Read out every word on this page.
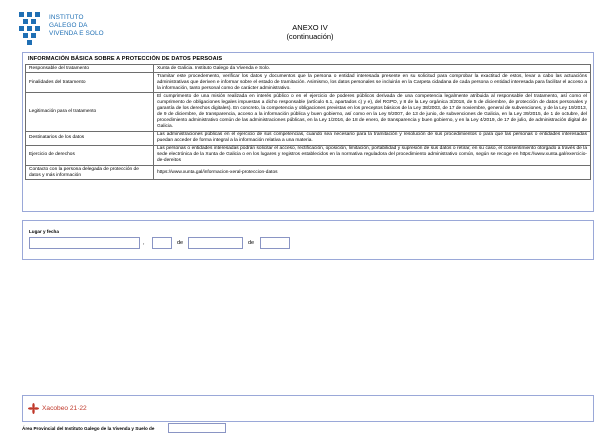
INSTITUTO
GALEGO DA
VIVENDA E SOLO
ANEXO IV
(continuación)
INFORMACIÓN BÁSICA SOBRE A PROTECCIÓN DE DATOS PERSOAIS
Responsable del tratamento	Xunta de Galicia. Instituto Galego da Vivenda e Solo.
Finalidades del tratamento	Tramitar este procedemento, verificar los datos y documentos que la persona o entidad interesada presente en su solicitud para comprobar la exactitud de estos, levar a cabo las actuacións administrativas que deriven e informar sobre el estado de tramitación. Asimismo, los datos personales se incluirán en la Carpeta cidadana de cada persona o entidad interesada para facilitar el acceso a la información, tanto personal como de carácter administrativo.
Legitimación para el tratamento	El cumprimento de una misión realizada en interés público o en el ejercicio de poderes públicos derivada de una competencia legalmente atribuida al responsable del tratamento, así como el cumprimento de obligaciones legales impuestas a dicho responsable (artículo 6.1, apartados c) y e), del RGPD, y 8 de la Ley orgánica 3/2018, de 5 de diciembre, de protección de datos personales y garantía de los derechos digitales). En concreto, la competencia y obligaciones previstas en los preceptos básicos de la Ley 38/2003, de 17 de noviembre, general de subvenciones, y de la Ley 19/2013, de 9 de diciembre, de transparencia, acceso a la información pública y buen gobierno, así como en la Ley 9/2007, de 13 de junio, de subvenciones de Galicia, en la Ley 39/2015, de 1 de octubre, del procedimiento administrativo común de las administraciones públicas, en la Ley 1/2016, de 18 de enero, de transparencia y buen gobierno, y en la Ley 4/2019, de 17 de julio, de administración digital de Galicia.
Destinatarios de los datos	Las administraciones públicas en el ejercicio de sus competencias, cuando sea necesario para la tramitación y resolución de sus procedimientos o para que las personas o entidades interesadas puedan acceder de forma integral a la información relativa a una materia.
Ejercicio de derechos	Las personas o entidades interesadas podrán solicitar el acceso, rectificación, oposición, limitación, portabilidad y supresión de sus datos o retirar, en su caso, el consentimiento otorgado a través de la sede electrónica de la Xunta de Galicia o en los lugares y registros establecidos en la normativa reguladora del procedimiento administrativo común, según se recoge en https://www.xunta.gal/exercicio-de-dereitos
Contacto con la persona delegada de protección de datos y más información	https://www.xunta.gal/informacion-xeral-proteccion-datos
Lugar y fecha
,	de	de
Xacobeo 21·22
Área Provincial del Instituto Galego de la Vivenda y Suelo de
